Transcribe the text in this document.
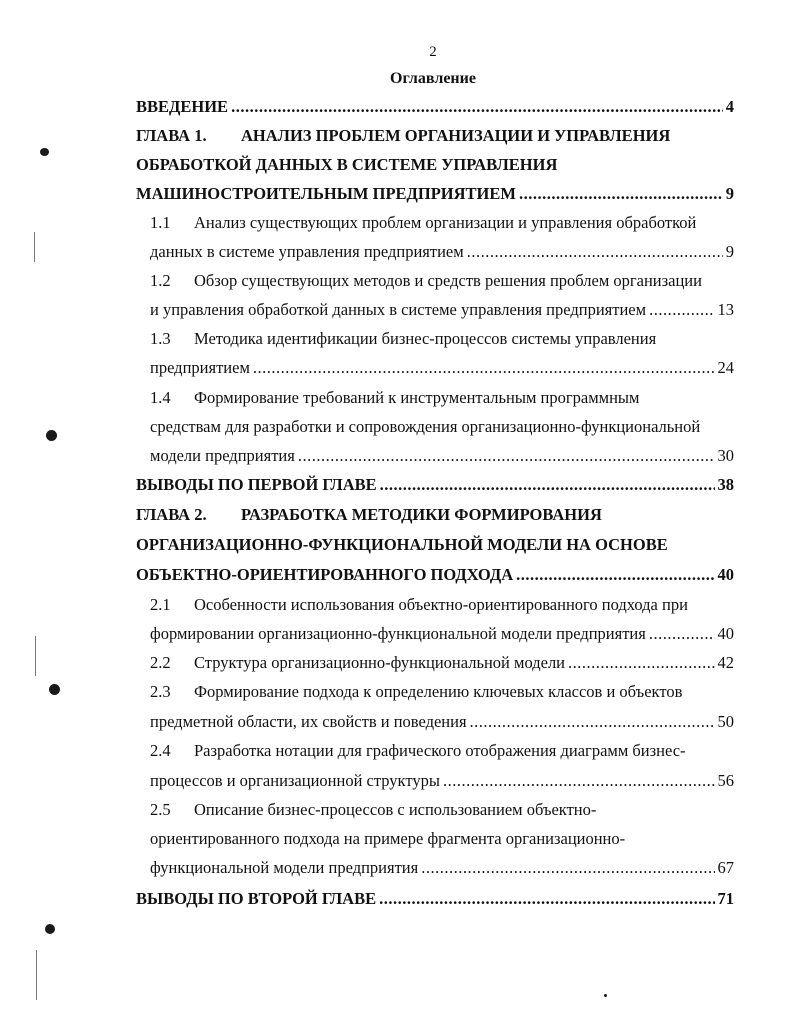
2
Оглавление
ВВЕДЕНИЕ .....	4
ГЛАВА 1.	АНАЛИЗ ПРОБЛЕМ ОРГАНИЗАЦИИ И УПРАВЛЕНИЯ
ОБРАБОТКОЙ ДАННЫХ В СИСТЕМЕ УПРАВЛЕНИЯ
МАШИНОСТРОИТЕЛЬНЫМ ПРЕДПРИЯТИЕМ .....	9
1.1	Анализ существующих проблем организации и управления обработкой
данных в системе управления предприятием .....	9
1.2	Обзор существующих методов и средств решения проблем организации
и управления обработкой данных в системе управления предприятием .....	13
1.3	Методика идентификации бизнес-процессов системы управления
предприятием .....	24
1.4	Формирование требований к инструментальным программным
средствам для разработки и сопровождения организационно-функциональной
модели предприятия .....	30
ВЫВОДЫ ПО ПЕРВОЙ ГЛАВЕ .....	38
ГЛАВА 2.	РАЗРАБОТКА МЕТОДИКИ ФОРМИРОВАНИЯ
ОРГАНИЗАЦИОННО-ФУНКЦИОНАЛЬНОЙ МОДЕЛИ НА ОСНОВЕ
ОБЪЕКТНО-ОРИЕНТИРОВАННОГО ПОДХОДА .....	40
2.1	Особенности использования объектно-ориентированного подхода при
формировании организационно-функциональной модели предприятия .....	40
2.2	Структура организационно-функциональной модели .....	42
2.3	Формирование подхода к определению ключевых классов и объектов
предметной области, их свойств и поведения .....	50
2.4	Разработка нотации для графического отображения диаграмм бизнес-
процессов и организационной структуры .....	56
2.5	Описание бизнес-процессов с использованием объектно-
ориентированного подхода на примере фрагмента организационно-
функциональной модели предприятия .....	67
ВЫВОДЫ ПО ВТОРОЙ ГЛАВЕ .....	71
